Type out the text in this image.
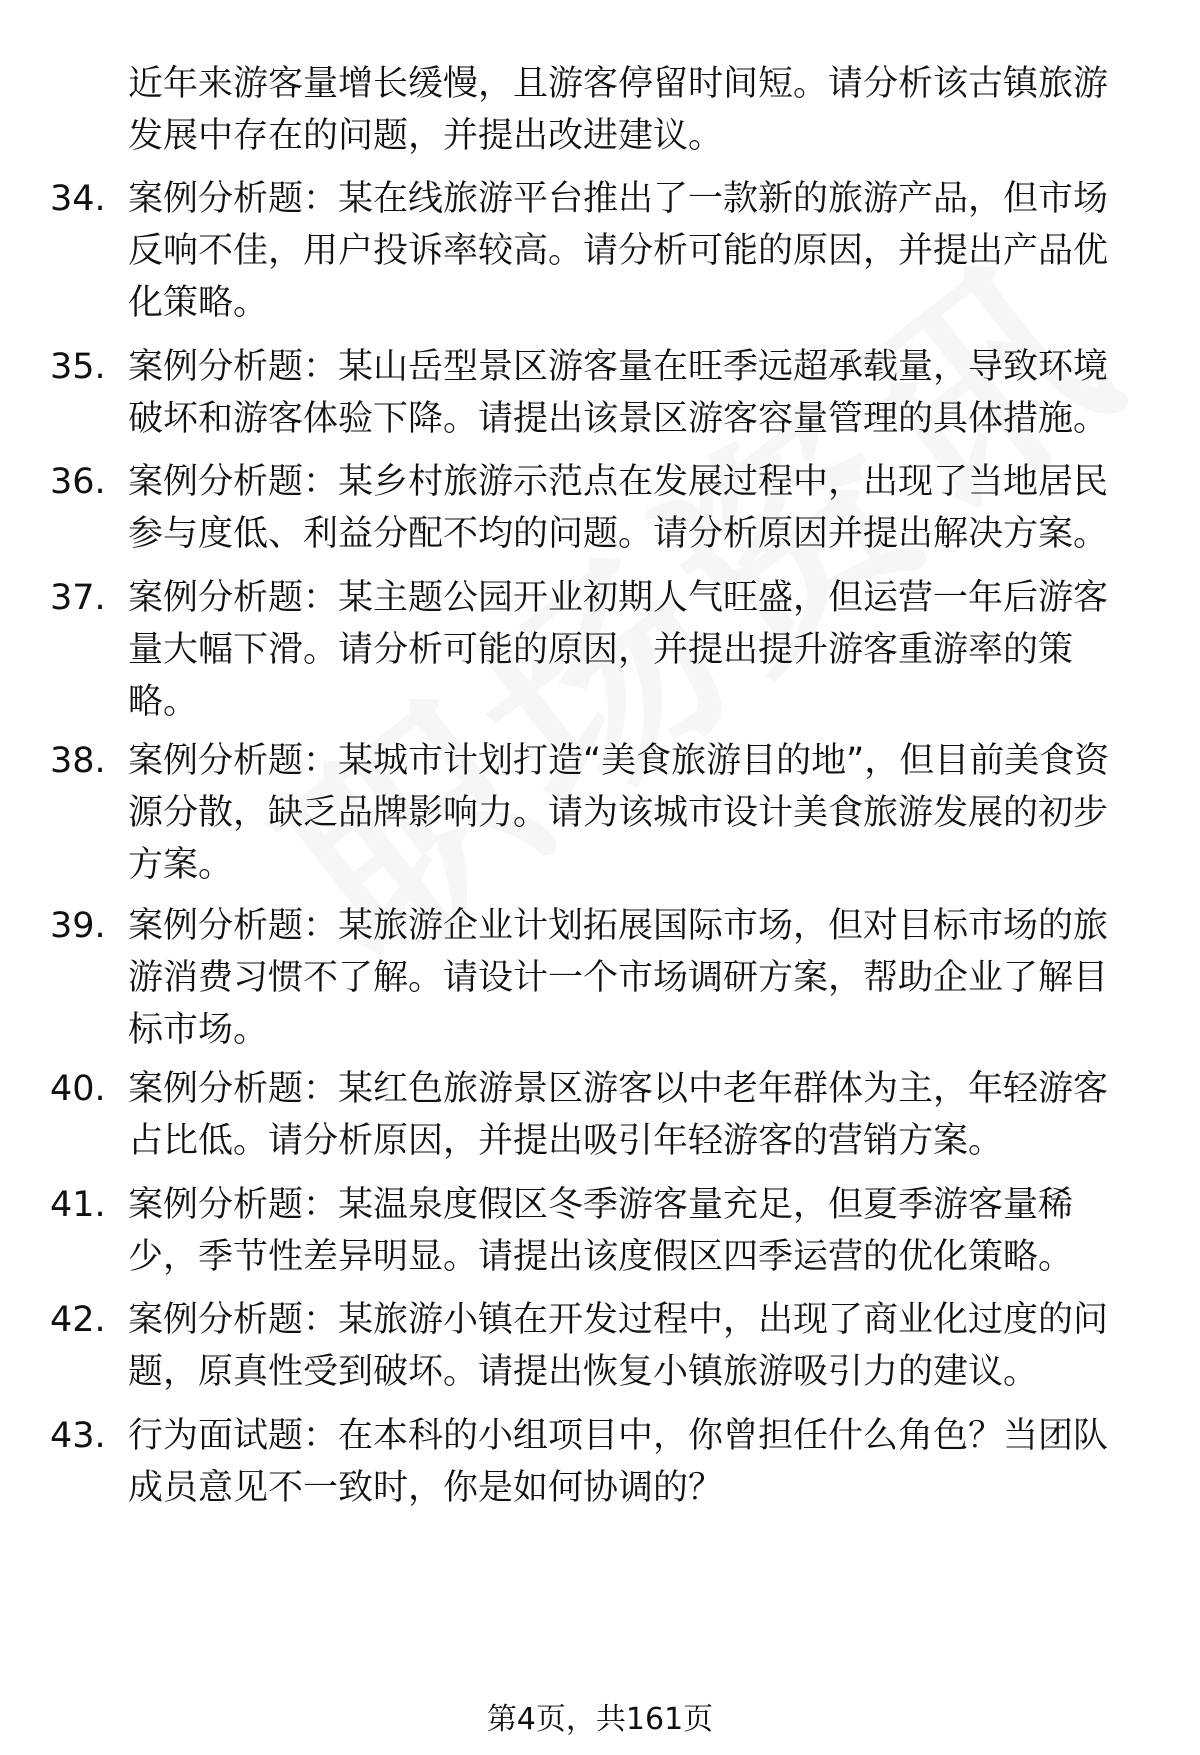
近年来游客量增长缓慢，且游客停留时间短。请分析该古镇旅游发展中存在的问题，并提出改进建议。
34. 案例分析题：某在线旅游平台推出了一款新的旅游产品，但市场反响不佳，用户投诉率较高。请分析可能的原因，并提出产品优化策略。
35. 案例分析题：某山岳型景区游客量在旺季远超承载量，导致环境破坏和游客体验下降。请提出该景区游客容量管理的具体措施。
36. 案例分析题：某乡村旅游示范点在发展过程中，出现了当地居民参与度低、利益分配不均的问题。请分析原因并提出解决方案。
37. 案例分析题：某主题公园开业初期人气旺盛，但运营一年后游客量大幅下滑。请分析可能的原因，并提出提升游客重游率的策略。
38. 案例分析题：某城市计划打造“美食旅游目的地”，但目前美食资源分散，缺乏品牌影响力。请为该城市设计美食旅游发展的初步方案。
39. 案例分析题：某旅游企业计划拓展国际市场，但对目标市场的旅游消费习惯不了解。请设计一个市场调研方案，帮助企业了解目标市场。
40. 案例分析题：某红色旅游景区游客以中老年群体为主，年轻游客占比低。请分析原因，并提出吸引年轻游客的营销方案。
41. 案例分析题：某温泉度假区冬季游客量充足，但夏季游客量稀少，季节性差异明显。请提出该度假区四季运营的优化策略。
42. 案例分析题：某旅游小镇在开发过程中，出现了商业化过度的问题，原真性受到破坏。请提出恢复小镇旅游吸引力的建议。
43. 行为面试题：在本科的小组项目中，你曾担任什么角色？当团队成员意见不一致时，你是如何协调的？
第4页，共161页
